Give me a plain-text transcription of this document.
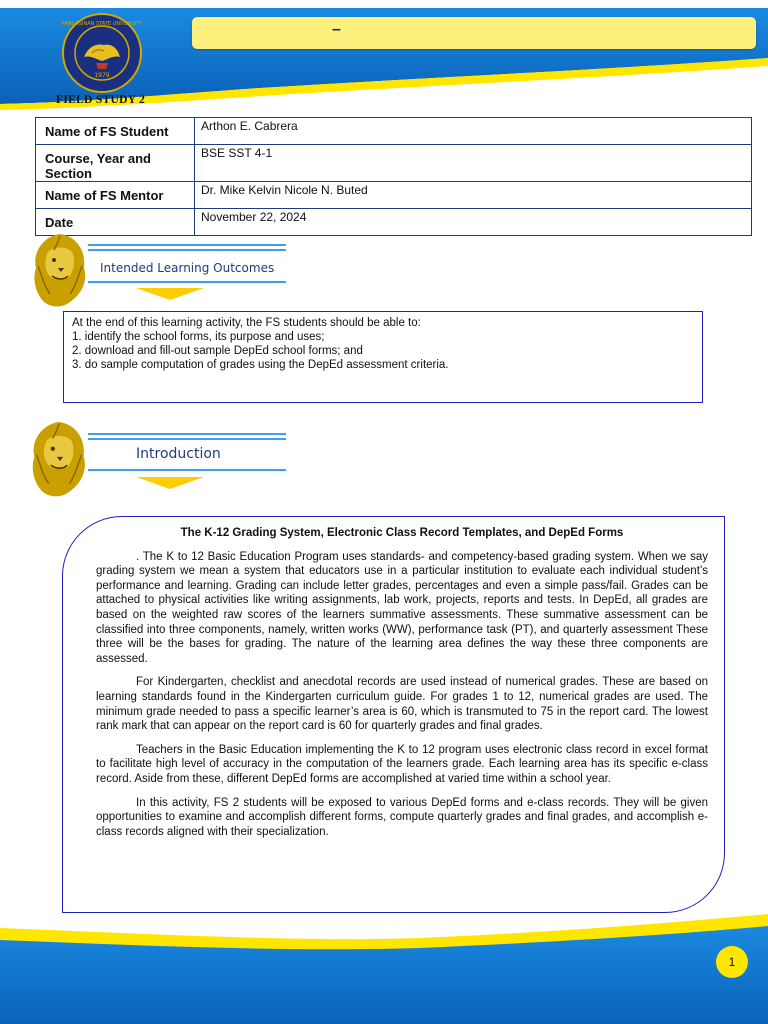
1979
PANGASINAN STATE UNIVERSITY	–
FIELD STUDY 2
Name of FS Student	Arthon E. Cabrera
Course, Year and Section	BSE SST 4-1
Name of FS Mentor	Dr. Mike Kelvin Nicole N. Buted
Date	November 22, 2024
Intended Learning Outcomes
At the end of this learning activity, the FS students should be able to:
1. identify the school forms, its purpose and uses;
2. download and fill-out sample DepEd school forms; and
3. do sample computation of grades using the DepEd assessment criteria.
Introduction
The K-12 Grading System, Electronic Class Record Templates, and DepEd Forms

. The K to 12 Basic Education Program uses standards- and competency-based grading system. When we say grading system we mean a system that educators use in a particular institution to evaluate each individual student’s performance and learning. Grading can include letter grades, percentages and even a simple pass/fail. Grades can be attached to physical activities like writing assignments, lab work, projects, reports and tests. In DepEd, all grades are based on the weighted raw scores of the learners summative assessments. These summative assessment can be classified into three components, namely, written works (WW), performance task (PT), and quarterly assessment These three will be the bases for grading. The nature of the learning area defines the way these three components are assessed.

For Kindergarten, checklist and anecdotal records are used instead of numerical grades. These are based on learning standards found in the Kindergarten curriculum guide. For grades 1 to 12, numerical grades are used. The minimum grade needed to pass a specific learner’s area is 60, which is transmuted to 75 in the report card. The lowest rank mark that can appear on the report card is 60 for quarterly grades and final grades.

Teachers in the Basic Education implementing the K to 12 program uses electronic class record in excel format to facilitate high level of accuracy in the computation of the learners grade. Each learning area has its specific e-class record. Aside from these, different DepEd forms are accomplished at varied time within a school year.

In this activity, FS 2 students will be exposed to various DepEd forms and e-class records. They will be given opportunities to examine and accomplish different forms, compute quarterly grades and final grades, and accomplish e-class records aligned with their specialization.

1
